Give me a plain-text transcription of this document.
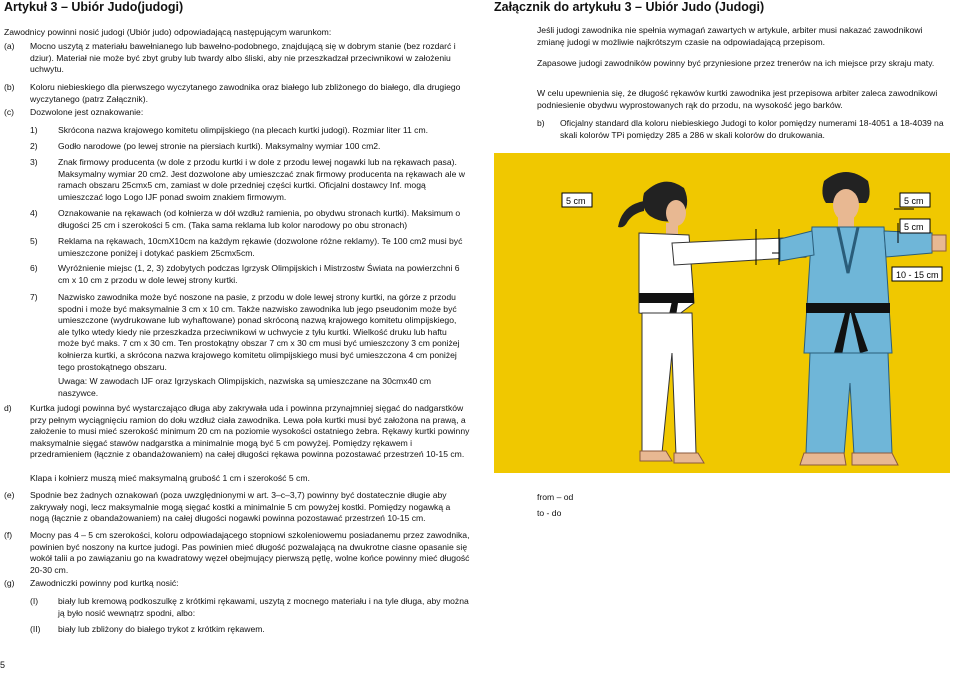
Artykuł 3 – Ubiór Judo(judogi)
Zawodnicy powinni nosić judogi (Ubiór judo) odpowiadającą następującym warunkom:
(a) Mocno uszytą z materiału bawełnianego lub bawełno-podobnego, znajdującą się w dobrym stanie (bez rozdarć i dziur). Materiał nie może być zbyt gruby lub twardy albo śliski, aby nie przeszkadzał przeciwnikowi w założeniu uchwytu.
(b) Koloru niebieskiego dla pierwszego wyczytanego zawodnika oraz białego lub zbliżonego do białego, dla drugiego wyczytanego (patrz Załącznik).
(c) Dozwolone jest oznakowanie:
1) Skrócona nazwa krajowego komitetu olimpijskiego (na plecach kurtki judogi). Rozmiar liter 11 cm.
2) Godło narodowe (po lewej stronie na piersiach kurtki). Maksymalny wymiar 100 cm2.
3) Znak firmowy producenta (w dole z przodu kurtki i w dole z przodu lewej nogawki lub na rękawach pasa). Maksymalny wymiar 20 cm2. Jest dozwolone aby umieszczać znak firmowy producenta na rękawach ale w ramach obszaru 25cmx5 cm, zamiast w dole przedniej części kurtki. Oficjalni dostawcy Inf. mogą umieszczać logo Logo IJF ponad swoim znakiem firmowym.
4) Oznakowanie na rękawach (od kołnierza w dół wzdłuż ramienia, po obydwu stronach kurtki). Maksimum o długości 25 cm i szerokości 5 cm. (Taka sama reklama lub kolor narodowy po obu stronach)
5) Reklama na rękawach, 10cmX10cm na każdym rękawie (dozwolone różne reklamy). Te 100 cm2 musi być umieszczone poniżej i dotykać paskiem 25cmx5cm.
6) Wyróżnienie miejsc (1, 2, 3) zdobytych podczas Igrzysk Olimpijskich i Mistrzostw Świata na powierzchni 6 cm x 10 cm z przodu w dole lewej strony kurtki.
7) Nazwisko zawodnika może być noszone na pasie, z przodu w dole lewej strony kurtki, na górze z przodu spodni i może być maksymalnie 3 cm x 10 cm. Także nazwisko zawodnika lub jego pseudonim może być umieszczone (wydrukowane lub wyhaftowane) ponad skróconą nazwą krajowego komitetu olimpijskiego, ale tylko wtedy kiedy nie przeszkadza przeciwnikowi w uchwycie z tyłu kurtki. Wielkość druku lub haftu może być maks. 7 cm x 30 cm. Ten prostokątny obszar 7 cm x 30 cm musi być umieszczony 3 cm poniżej kołnierza kurtki, a skrócona nazwa krajowego komitetu olimpijskiego musi być umieszczona 4 cm poniżej tego prostokątnego obszaru.
Uwaga: W zawodach IJF oraz Igrzyskach Olimpijskich, nazwiska są umieszczane na 30cmx40 cm naszywce.
d) Kurtka judogi powinna być wystarczająco długa aby zakrywała uda i powinna przynajmniej sięgać do nadgarstków przy pełnym wyciągnięciu ramion do dołu wzdłuż ciała zawodnika. Lewa poła kurtki musi być założona na prawą, a założenie to musi mieć szerokość minimum 20 cm na poziomie wysokości ostatniego żebra. Rękawy kurtki powinny maksymalnie sięgać stawów nadgarstka a minimalnie mogą być 5 cm powyżej. Pomiędzy rękawem i przedramieniem (łącznie z obandażowaniem) na całej długości rękawa powinna pozostawać przestrzeń 10-15 cm.
Klapa i kołnierz muszą mieć maksymalną grubość 1 cm i szerokość 5 cm.
(e) Spodnie bez żadnych oznakowań (poza uwzględnionymi w art. 3–c–3,7) powinny być dostatecznie długie aby zakrywały nogi, lecz maksymalnie mogą sięgać kostki a minimalnie 5 cm powyżej kostki. Pomiędzy nogawką a nogą (łącznie z obandażowaniem) na całej długości nogawki powinna pozostawać przestrzeń 10-15 cm.
(f) Mocny pas 4 – 5 cm szerokości, koloru odpowiadającego stopniowi szkoleniowemu posiadanemu przez zawodnika, powinien być noszony na kurtce judogi. Pas powinien mieć długość pozwalającą na dwukrotne ciasne opasanie się wokół talii a po zawiązaniu go na kwadratowy węzeł obejmujący pierwszą pętlę, wolne końce powinny mieć długość 20-30 cm.
(g) Zawodniczki powinny pod kurtką nosić:
(I) biały lub kremową podkoszulkę z krótkimi rękawami, uszytą z mocnego materiału i na tyle długa, aby można ją było nosić wewnątrz spodni, albo:
(II) biały lub zbliżony do białego trykot z krótkim rękawem.
5
Załącznik do artykułu 3 – Ubiór Judo (Judogi)
Jeśli judogi zawodnika nie spełnia wymagań zawartych w artykule, arbiter musi nakazać zawodnikowi zmianę judogi w możliwie najkrótszym czasie na odpowiadającą przepisom.
Zapasowe judogi zawodników powinny być przyniesione przez trenerów na ich miejsce przy skraju maty.
W celu upewnienia się, że długość rękawów kurtki zawodnika jest przepisowa arbiter zaleca zawodnikowi podniesienie obydwu wyprostowanych rąk do przodu, na wysokość jego barków.
b) Oficjalny standard dla koloru niebieskiego Judogi to kolor pomiędzy numerami 18-4051 a 18-4039 na skali kolorów TPi pomiędzy 285 a 286 w skali kolorów do drukowania.
5 cm	5 cm
5 cm
10 - 15 cm
from – od
to - do
